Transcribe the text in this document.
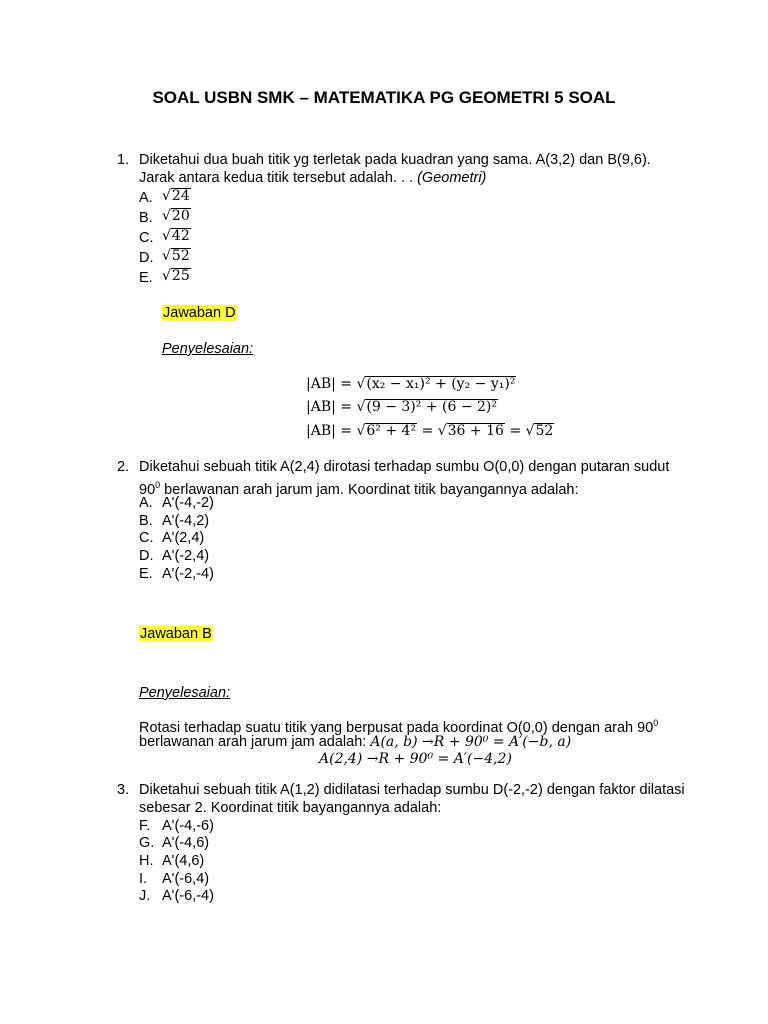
SOAL USBN SMK – MATEMATIKA PG GEOMETRI 5 SOAL
1. Diketahui dua buah titik yg terletak pada kuadran yang sama. A(3,2) dan B(9,6).
Jarak antara kedua titik tersebut adalah. . . (Geometri)
A. √24
B. √20
C. √42
D. √52
E. √25
Jawaban D
Penyelesaian:
|AB| = √(x₂ − x₁)² + (y₂ − y₁)²
|AB| = √(9 − 3)² + (6 − 2)²
|AB| = √6² + 4² = √36 + 16 = √52
2. Diketahui sebuah titik A(2,4) dirotasi terhadap sumbu O(0,0) dengan putaran sudut
$90^0$ berlawanan arah jarum jam. Koordinat titik bayangannya adalah:
A. A'(-4,-2)
B. A'(-4,2)
C. A'(2,4)
D. A'(-2,4)
E. A'(-2,-4)
Jawaban B
Penyelesaian:
Rotasi terhadap suatu titik yang berpusat pada koordinat O(0,0) dengan arah $90^0$
berlawanan arah jarum jam adalah: A(a, b) →R + 90⁰ = A′(−b, a)
A(2,4) →R + 90⁰ = A′(−4,2)
3. Diketahui sebuah titik A(1,2) didilatasi terhadap sumbu D(-2,-2) dengan faktor dilatasi
sebesar 2. Koordinat titik bayangannya adalah:
F. A'(-4,-6)
G. A'(-4,6)
H. A'(4,6)
I. A'(-6,4)
J. A'(-6,-4)
